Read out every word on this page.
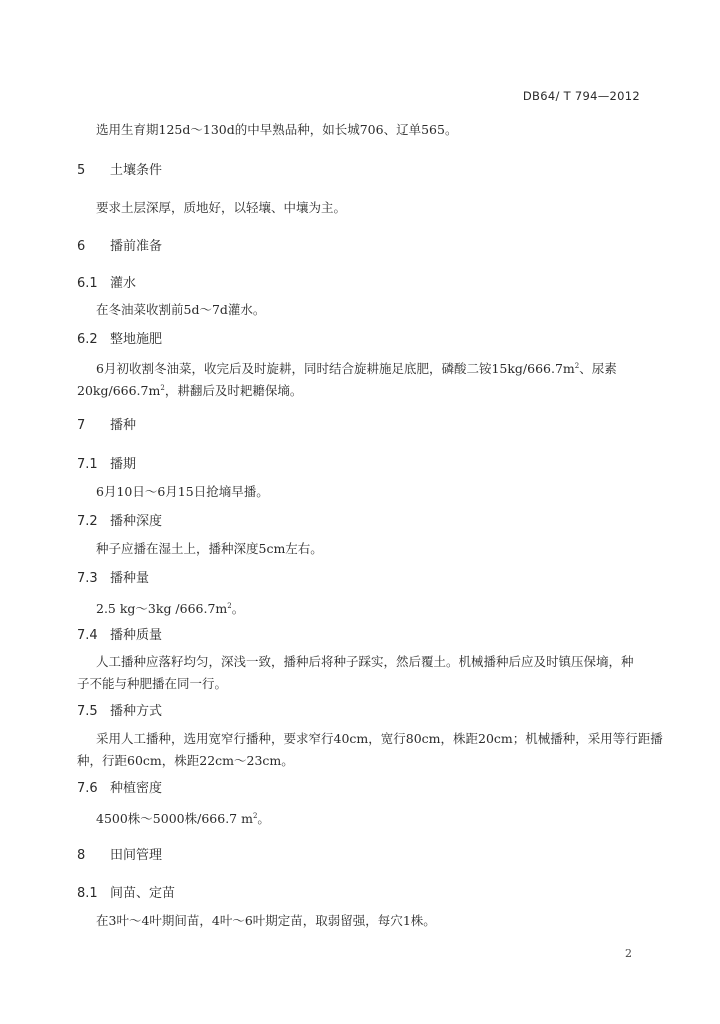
DB64/ T 794—2012
选用生育期125d～130d的中早熟品种，如长城706、辽单565。
5 土壤条件
要求土层深厚，质地好，以轻壤、中壤为主。
6 播前准备
6.1 灌水
在冬油菜收割前5d～7d灌水。
6.2 整地施肥
6月初收割冬油菜，收完后及时旋耕，同时结合旋耕施足底肥，磷酸二铵$15kg/666.7m^2$、尿素
$20kg/666.7m^2$，耕翻后及时耙耱保墒。
7 播种
7.1 播期
6月10日～6月15日抢墒早播。
7.2 播种深度
种子应播在湿土上，播种深度5cm左右。
7.3 播种量
2.5 kg～3kg $/666.7m^2$。
7.4 播种质量
人工播种应落籽均匀，深浅一致，播种后将种子踩实，然后覆土。机械播种后应及时镇压保墒，种
子不能与种肥播在同一行。
7.5 播种方式
采用人工播种，选用宽窄行播种，要求窄行40cm，宽行80cm，株距20cm；机械播种，采用等行距播
种，行距60cm，株距22cm～23cm。
7.6 种植密度
4500株～5000株/666.7 $m^2$。
8 田间管理
8.1 间苗、定苗
在3叶～4叶期间苗，4叶～6叶期定苗，取弱留强，每穴1株。
2
